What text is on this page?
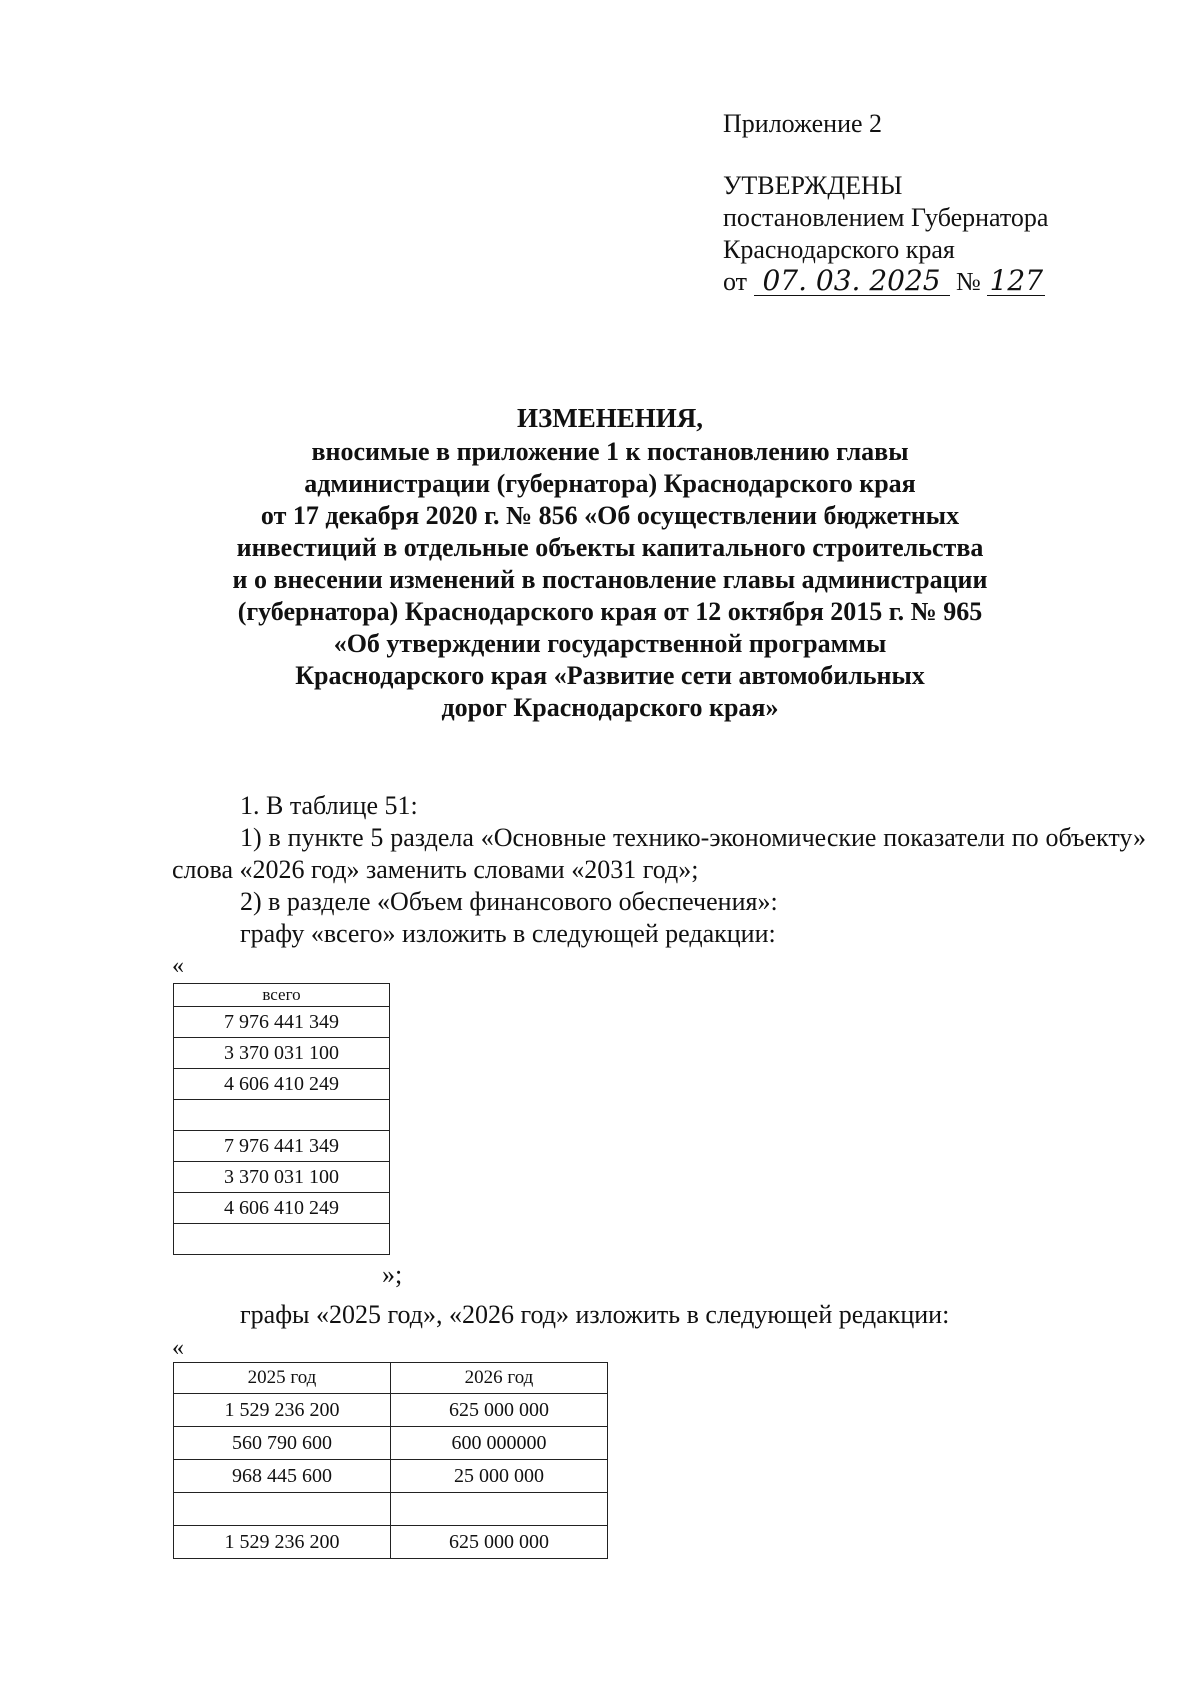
Приложение 2
УТВЕРЖДЕНЫ
постановлением Губернатора
Краснодарского края
от 07. 03. 2025 № 127
ИЗМЕНЕНИЯ,
вносимые в приложение 1 к постановлению главы
администрации (губернатора) Краснодарского края
от 17 декабря 2020 г. № 856 «Об осуществлении бюджетных
инвестиций в отдельные объекты капитального строительства
и о внесении изменений в постановление главы администрации
(губернатора) Краснодарского края от 12 октября 2015 г. № 965
«Об утверждении государственной программы
Краснодарского края «Развитие сети автомобильных
дорог Краснодарского края»

1. В таблице 51:

1) в пункте 5 раздела «Основные технико-экономические показатели по объекту» слова «2026 год» заменить словами «2031 год»;

2) в разделе «Объем финансового обеспечения»:

графу «всего» изложить в следующей редакции:

«
всего
7 976 441 349
3 370 031 100
4 606 410 249

7 976 441 349
3 370 031 100
4 606 410 249

»;
графы «2025 год», «2026 год» изложить в следующей редакции:
«
2025 год	2026 год
1 529 236 200	625 000 000
560 790 600	600 000000
968 445 600	25 000 000

1 529 236 200	625 000 000
